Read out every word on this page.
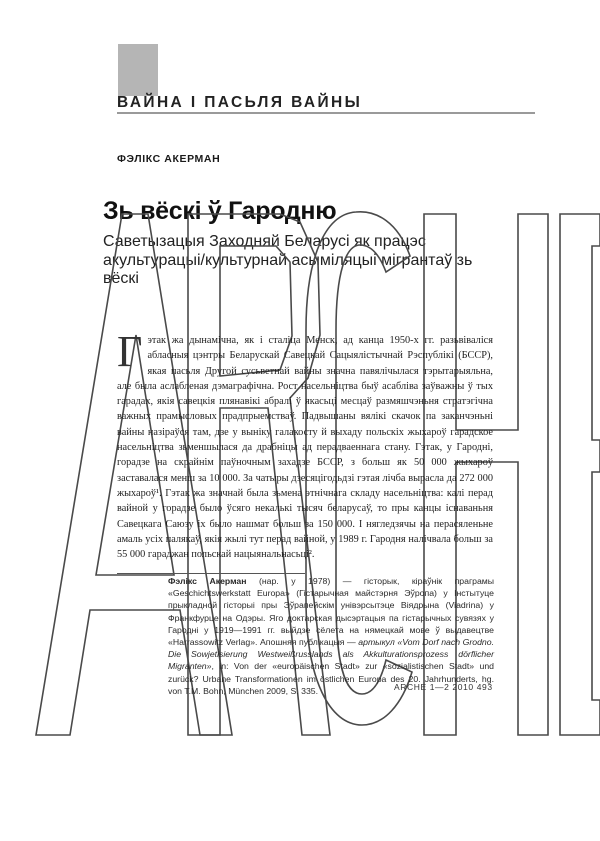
ВАЙНА І ПАСЬЛЯ ВАЙНЫ
ФЭЛІКС АКЕРМАН
Зь вёскі ў Гародню
Саветызацыя Заходняй Беларусі як працэс акультурацыі/культурнай асыміляцыі мігрантаў зь вёскі
Гэтак жа дынамічна, як і сталіца Менск, ад канца 1950-х гг. разьвіваліся абласныя цэнтры Беларускай Савецкай Сацыялістычнай Рэспублікі (БССР), якая пасьля Другой сусьветнай вайны значна павялічылася тэрытарыяльна, але была аслабленая дэмаграфічна. Рост насельніцтва быў асабліва заўважны ў тых гарадах, якія савецкія плянавікі абралі ў якасьці месцаў размяшчэньня стратэгічна важных прамысловых прадпрыемстваў. Падвышаны вялікі скачок па заканчэньні вайны назіраўся там, дзе у выніку галакосту й выхаду польскіх жыхароў гарадское насельніцтва зьменшылася да драбніцы ад перадваеннага стану. Гэтак, у Гародні, горадзе на скрайнім паўночным захадзе БССР, з больш як 50 000 жыхароў заставалася менш за 10 000. За чатыры дзесяцігодьдзі гэтая лічба вырасла да 272 000 жыхароў¹. Гэтак жа значнай была зьмена этнічнага складу насельніцтва: калі перад вайной у горадзе было ўсяго некалькі тысяч беларусаў, то пры канцы існаваньня Савецкага Саюзу іх было нашмат больш за 150 000. І нягледзячы на перасяленьне амаль усіх палякаў, якія жылі тут перад вайной, у 1989 г. Гародня налічвала больш за 55 000 гараджан польскай нацыянальнасьці².
Фэлікс Акерман (нар. у 1978) — гісторык, кіраўнік праграмы «Geschichtswerkstatt Europa» (Гістарычная майстэрня Эўропа) у Інстытуце прыкладной гісторыі пры Эўрапейскім унівэрсытэце Віядрына (Viadrina) у Франкфурце на Одэры. Яго доктарская дысэртацыя па гістарычных сувязях у Гародні у 1919—1991 гг. выйдзе сёлета на нямецкай мове ў выдавецтве «Harrassowitz Verlag». Апошняя публікацыя — артыкул «Vom Dorf nach Grodno. Die Sowjetisierung Westweißrusslands als Akkulturationsprozess dörflicher Migranten», in: Von der «europäischen Stadt» zur «sozialistischen Stadt» und zurück? Urbane Transformationen im östlichen Europa des 20. Jahrhunderts, hg. von T.M. Bohn, München 2009, S. 335.	ARCHE 1—2 2010 493
